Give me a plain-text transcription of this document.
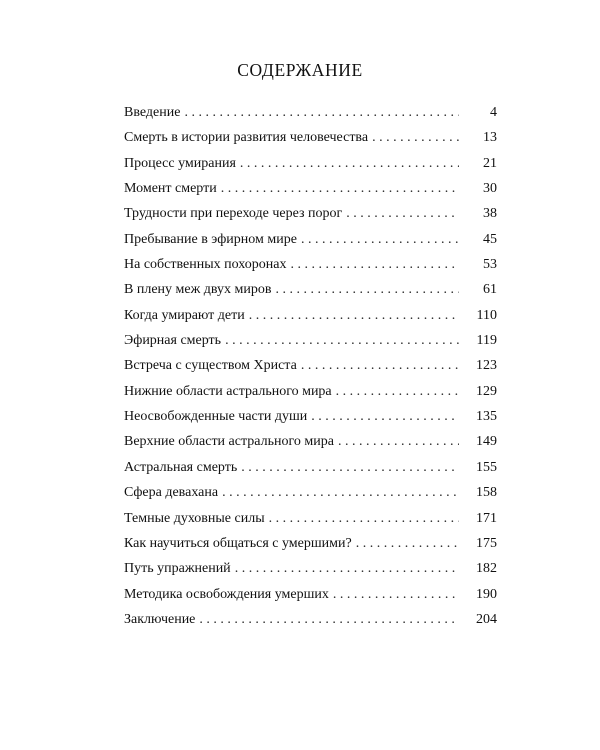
СОДЕРЖАНИЕ
Введение . . .	4
Смерть в истории развития человечества . . .	13
Процесс умирания . . .	21
Момент смерти . . .	30
Трудности при переходе через порог . . .	38
Пребывание в эфирном мире . . .	45
На собственных похоронах . . .	53
В плену меж двух миров . . .	61
Когда умирают дети . . .	110
Эфирная смерть . . .	119
Встреча с существом Христа . . .	123
Нижние области астрального мира . . .	129
Неосвобожденные части души . . .	135
Верхние области астрального мира . . .	149
Астральная смерть . . .	155
Сфера девахана . . .	158
Темные духовные силы . . .	171
Как научиться общаться с умершими? . . .	175
Путь упражнений . . .	182
Методика освобождения умерших . . .	190
Заключение . . .	204
